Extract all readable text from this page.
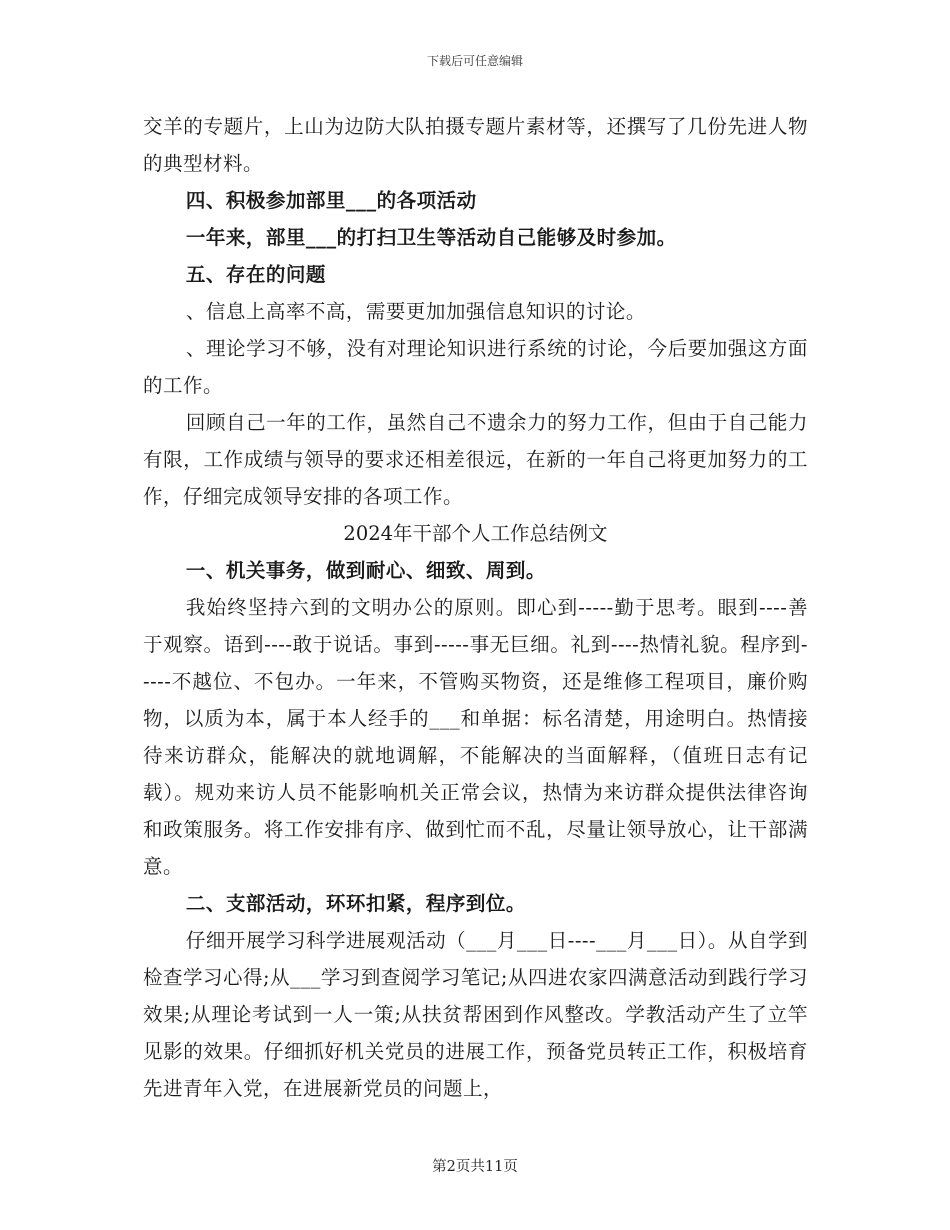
下载后可任意编辑

交羊的专题片，上山为边防大队拍摄专题片素材等，还撰写了几份先进人物的典型材料。

四、积极参加部里___的各项活动

一年来，部里___的打扫卫生等活动自己能够及时参加。

五、存在的问题

、信息上高率不高，需要更加加强信息知识的讨论。

、理论学习不够，没有对理论知识进行系统的讨论，今后要加强这方面的工作。

回顾自己一年的工作，虽然自己不遗余力的努力工作，但由于自己能力有限，工作成绩与领导的要求还相差很远，在新的一年自己将更加努力的工作，仔细完成领导安排的各项工作。

2024年干部个人工作总结例文

一、机关事务，做到耐心、细致、周到。

我始终坚持六到的文明办公的原则。即心到-----勤于思考。眼到----善于观察。语到----敢于说话。事到-----事无巨细。礼到----热情礼貌。程序到-----不越位、不包办。一年来，不管购买物资，还是维修工程项目，廉价购物，以质为本，属于本人经手的___和单据：标名清楚，用途明白。热情接待来访群众，能解决的就地调解，不能解决的当面解释，（值班日志有记载）。规劝来访人员不能影响机关正常会议，热情为来访群众提供法律咨询和政策服务。将工作安排有序、做到忙而不乱，尽量让领导放心，让干部满意。

二、支部活动，环环扣紧，程序到位。

仔细开展学习科学进展观活动（___月___日----___月___日）。从自学到检查学习心得;从___学习到查阅学习笔记;从四进农家四满意活动到践行学习效果;从理论考试到一人一策;从扶贫帮困到作风整改。学教活动产生了立竿见影的效果。仔细抓好机关党员的进展工作，预备党员转正工作，积极培育先进青年入党，在进展新党员的问题上，

第2页共11页
